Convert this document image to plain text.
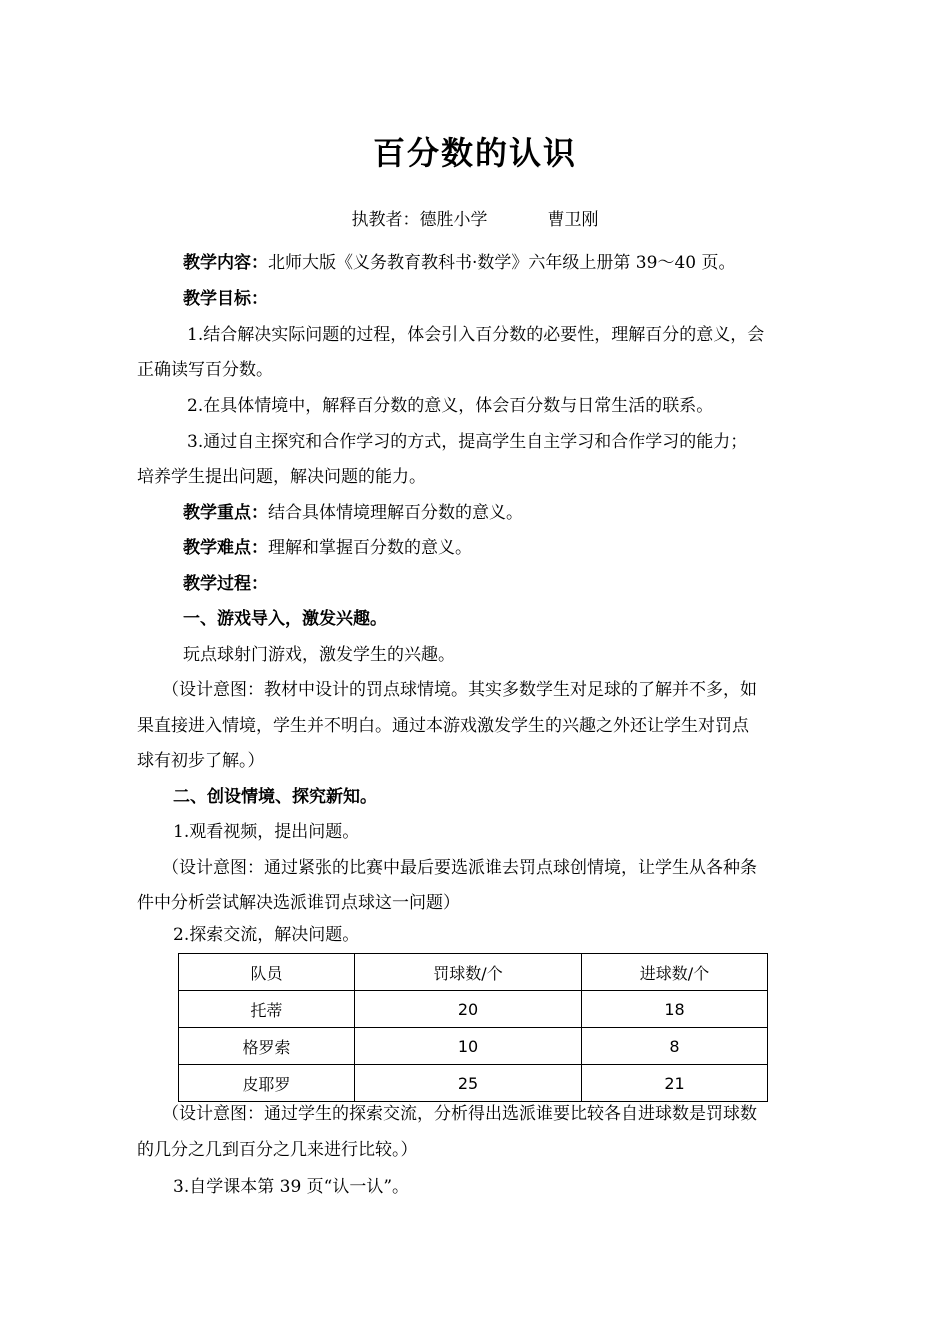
百分数的认识
执教者：德胜小学	曹卫刚
教学内容：北师大版《义务教育教科书·数学》六年级上册第 39～40 页。
教学目标：
1.结合解决实际问题的过程，体会引入百分数的必要性，理解百分的意义，会
正确读写百分数。
2.在具体情境中，解释百分数的意义，体会百分数与日常生活的联系。
3.通过自主探究和合作学习的方式，提高学生自主学习和合作学习的能力；
培养学生提出问题，解决问题的能力。
教学重点：结合具体情境理解百分数的意义。
教学难点：理解和掌握百分数的意义。
教学过程：
一、游戏导入，激发兴趣。
玩点球射门游戏，激发学生的兴趣。
（设计意图：教材中设计的罚点球情境。其实多数学生对足球的了解并不多，如
果直接进入情境，学生并不明白。通过本游戏激发学生的兴趣之外还让学生对罚点
球有初步了解。）
二、创设情境、探究新知。
1.观看视频，提出问题。
（设计意图：通过紧张的比赛中最后要选派谁去罚点球创情境，让学生从各种条
件中分析尝试解决选派谁罚点球这一问题）
2.探索交流，解决问题。
队员	罚球数/个	进球数/个
托蒂	20	18
格罗索	10	8
皮耶罗	25	21
（设计意图：通过学生的探索交流，分析得出选派谁要比较各自进球数是罚球数
的几分之几到百分之几来进行比较。）
3.自学课本第 39 页“认一认”。
